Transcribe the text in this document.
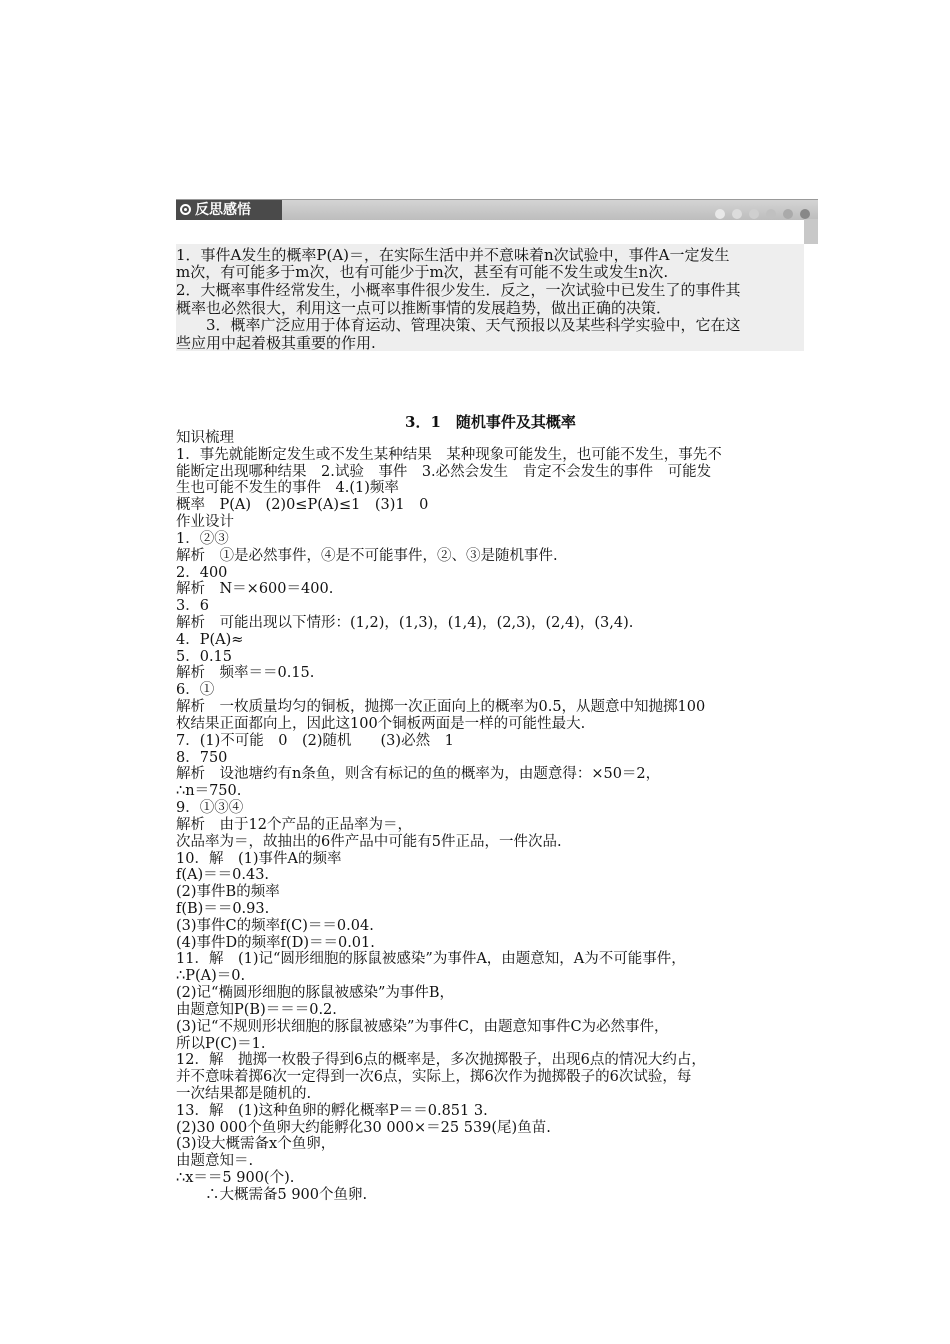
反思感悟
1．事件A发生的概率P(A)＝，在实际生活中并不意味着n次试验中，事件A一定发生
m次，有可能多于m次，也有可能少于m次，甚至有可能不发生或发生n次.
2．大概率事件经常发生，小概率事件很少发生．反之，一次试验中已发生了的事件其
概率也必然很大，利用这一点可以推断事情的发展趋势，做出正确的决策．
　　3．概率广泛应用于体育运动、管理决策、天气预报以及某些科学实验中，它在这
些应用中起着极其重要的作用.
3．1　随机事件及其概率
知识梳理
1．事先就能断定发生或不发生某种结果　某种现象可能发生，也可能不发生，事先不
能断定出现哪种结果　2.试验　事件　3.必然会发生　肯定不会发生的事件　可能发
生也可能不发生的事件　4.(1)频率
概率　P(A)　(2)0≤P(A)≤1　(3)1　0
作业设计
1．②③
解析　①是必然事件，④是不可能事件，②、③是随机事件.
2．400
解析　N＝×600＝400.
3．6
解析　可能出现以下情形：(1,2)，(1,3)，(1,4)，(2,3)，(2,4)，(3,4).
4．P(A)≈
5．0.15
解析　频率＝＝0.15.
6．①
解析　一枚质量均匀的铜板，抛掷一次正面向上的概率为0.5，从题意中知抛掷100
枚结果正面都向上，因此这100个铜板两面是一样的可能性最大.
7．(1)不可能　0　(2)随机　　(3)必然　1
8．750
解析　设池塘约有n条鱼，则含有标记的鱼的概率为，由题意得：×50＝2，
∴n＝750.
9．①③④
解析　由于12个产品的正品率为＝，
次品率为＝，故抽出的6件产品中可能有5件正品，一件次品.
10．解　(1)事件A的频率
f(A)＝＝0.43.
(2)事件B的频率
f(B)＝＝0.93.
(3)事件C的频率f(C)＝＝0.04.
(4)事件D的频率f(D)＝＝0.01.
11．解　(1)记“圆形细胞的豚鼠被感染”为事件A，由题意知，A为不可能事件，
∴P(A)＝0.
(2)记“椭圆形细胞的豚鼠被感染”为事件B，
由题意知P(B)＝＝＝0.2.
(3)记“不规则形状细胞的豚鼠被感染”为事件C，由题意知事件C为必然事件，
所以P(C)＝1.
12．解　抛掷一枚骰子得到6点的概率是，多次抛掷骰子，出现6点的情况大约占，
并不意味着掷6次一定得到一次6点，实际上，掷6次作为抛掷骰子的6次试验，每
一次结果都是随机的.
13．解　(1)这种鱼卵的孵化概率P＝＝0.851 3.
(2)30 000个鱼卵大约能孵化30 000×＝25 539(尾)鱼苗.
(3)设大概需备x个鱼卵，
由题意知＝.
∴x＝＝5 900(个).
　　∴大概需备5 900个鱼卵.
